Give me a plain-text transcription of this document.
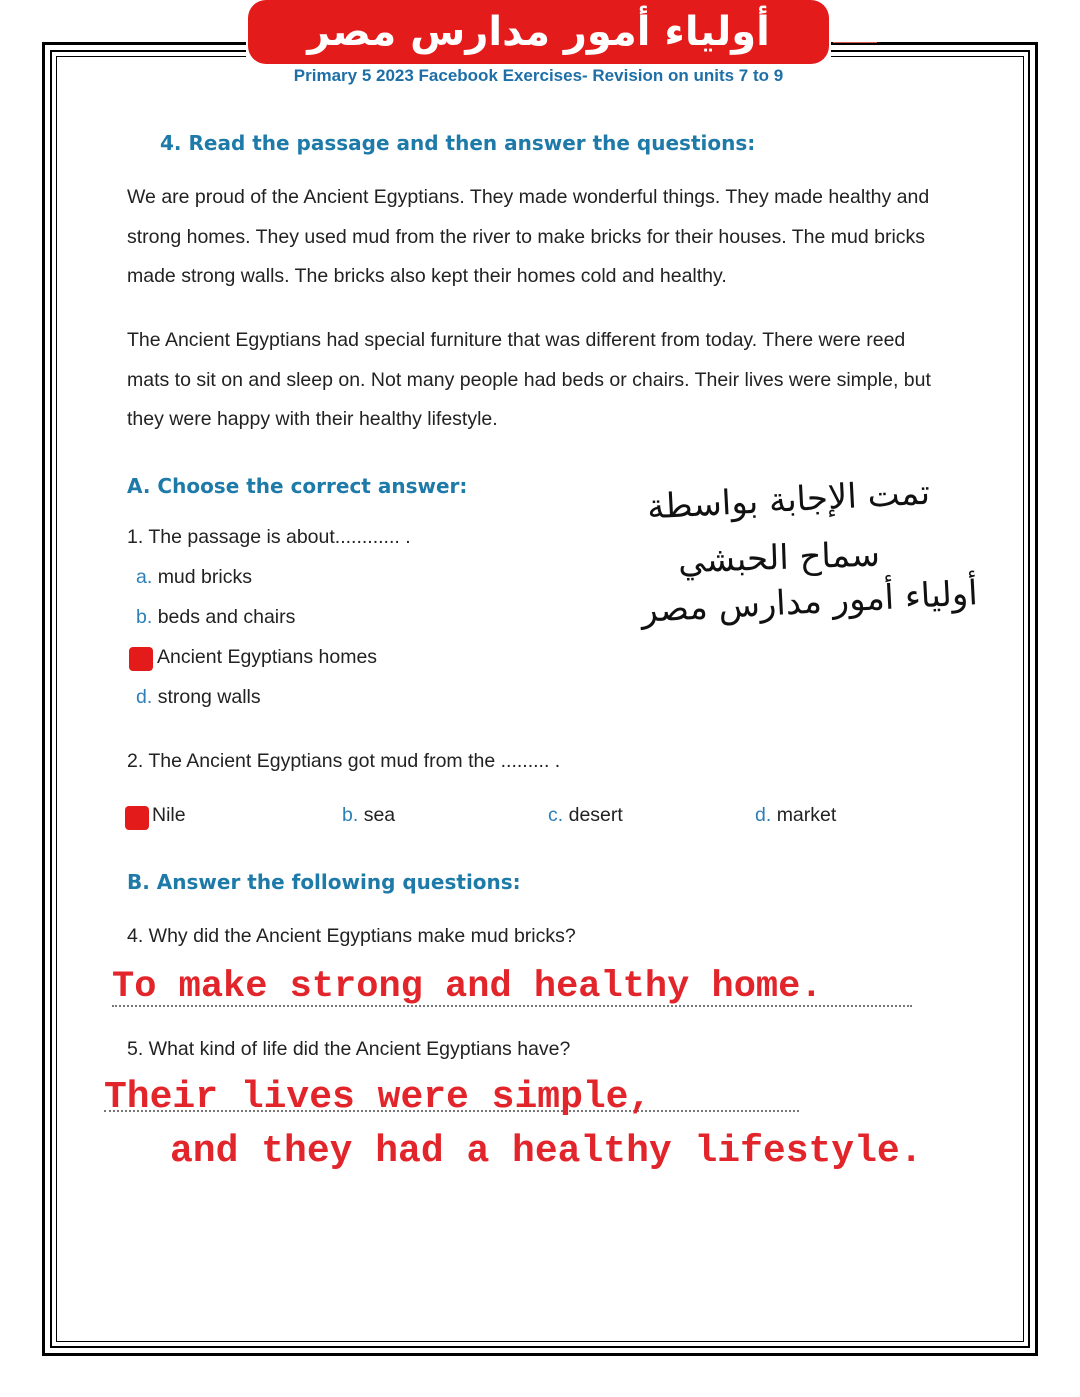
أولياء أمور مدارس مصر
Primary 5 2023 Facebook Exercises- Revision on units 7 to 9
4. Read the passage and then answer the questions:
We are proud of the Ancient Egyptians. They made wonderful things. They made healthy and
strong homes. They used mud from the river to make bricks for their houses. The mud bricks
made strong walls. The bricks also kept their homes cold and healthy.
The Ancient Egyptians had special furniture that was different from today. There were reed
mats to sit on and sleep on. Not many people had beds or chairs. Their lives were simple, but
they were happy with their healthy lifestyle.
A. Choose the correct answer:
1. The passage is about............ .
a. mud bricks
b. beds and chairs
Ancient Egyptians homes
d. strong walls
تمت الإجابة بواسطة
سماح الحبشي
أولياء أمور مدارس مصر
2. The Ancient Egyptians got mud from the ......... .
Nile	b. sea	c. desert	d. market
B. Answer the following questions:
4. Why did the Ancient Egyptians make mud bricks?
To make strong and healthy home.
5. What kind of life did the Ancient Egyptians have?
Their lives were simple,
and they had a healthy lifestyle.
